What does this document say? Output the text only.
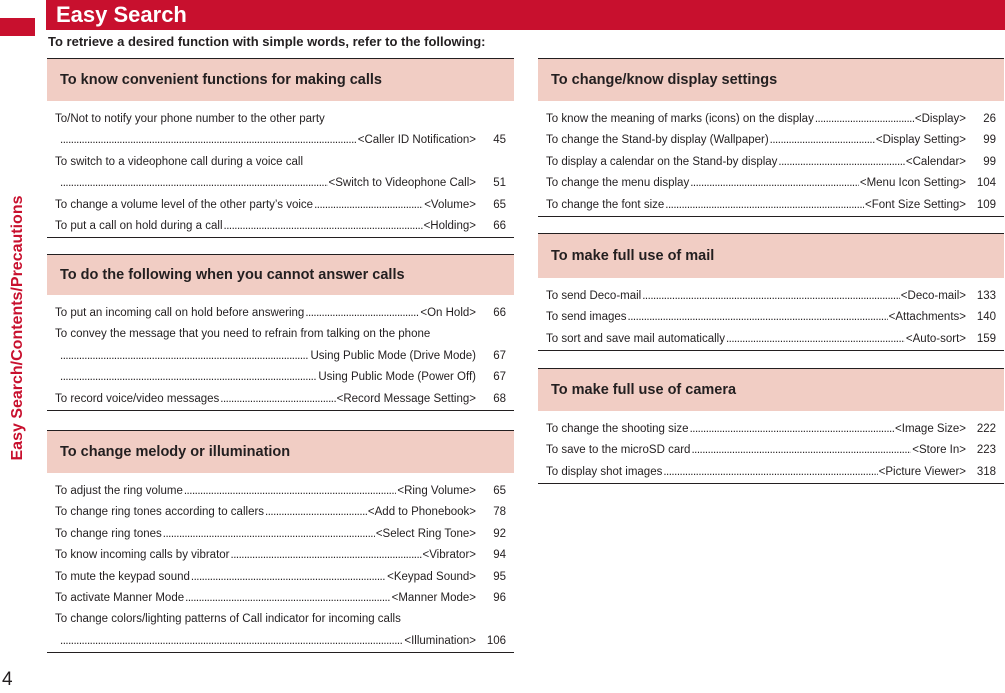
Easy Search/Contents/Precautions
4
Easy Search
To retrieve a desired function with simple words, refer to the following:
To know convenient functions for making calls
To/Not to notify your phone number to the other party
.....
<Caller ID Notification>	45
To switch to a videophone call during a voice call
.....
<Switch to Videophone Call>	51
To change a volume level of the other party’s voice .....	<Volume>	65
To put a call on hold during a call .....	<Holding>	66
To do the following when you cannot answer calls
To put an incoming call on hold before answering .....	<On Hold>	66
To convey the message that you need to refrain from talking on the phone
.....
Using Public Mode (Drive Mode)	67
.....
Using Public Mode (Power Off)	67
To record voice/video messages .....	<Record Message Setting>	68
To change melody or illumination
To adjust the ring volume .....	<Ring Volume>	65
To change ring tones according to callers .....	<Add to Phonebook>	78
To change ring tones .....	<Select Ring Tone>	92
To know incoming calls by vibrator .....	<Vibrator>	94
To mute the keypad sound .....	<Keypad Sound>	95
To activate Manner Mode .....	<Manner Mode>	96
To change colors/lighting patterns of Call indicator for incoming calls
.....
<Illumination> 106
To change/know display settings
To know the meaning of marks (icons) on the display .....	<Display>	26
To change the Stand-by display (Wallpaper) .....	<Display Setting>	99
To display a calendar on the Stand-by display .....	<Calendar>	99
To change the menu display .....	<Menu Icon Setting> 104
To change the font size .....	<Font Size Setting> 109
To make full use of mail
To send Deco-mail .....	<Deco-mail> 133
To send images .....	<Attachments> 140
To sort and save mail automatically .....	<Auto-sort> 159
To make full use of camera
To change the shooting size .....	<Image Size> 222
To save to the microSD card .....	<Store In> 223
To display shot images .....	<Picture Viewer> 318
